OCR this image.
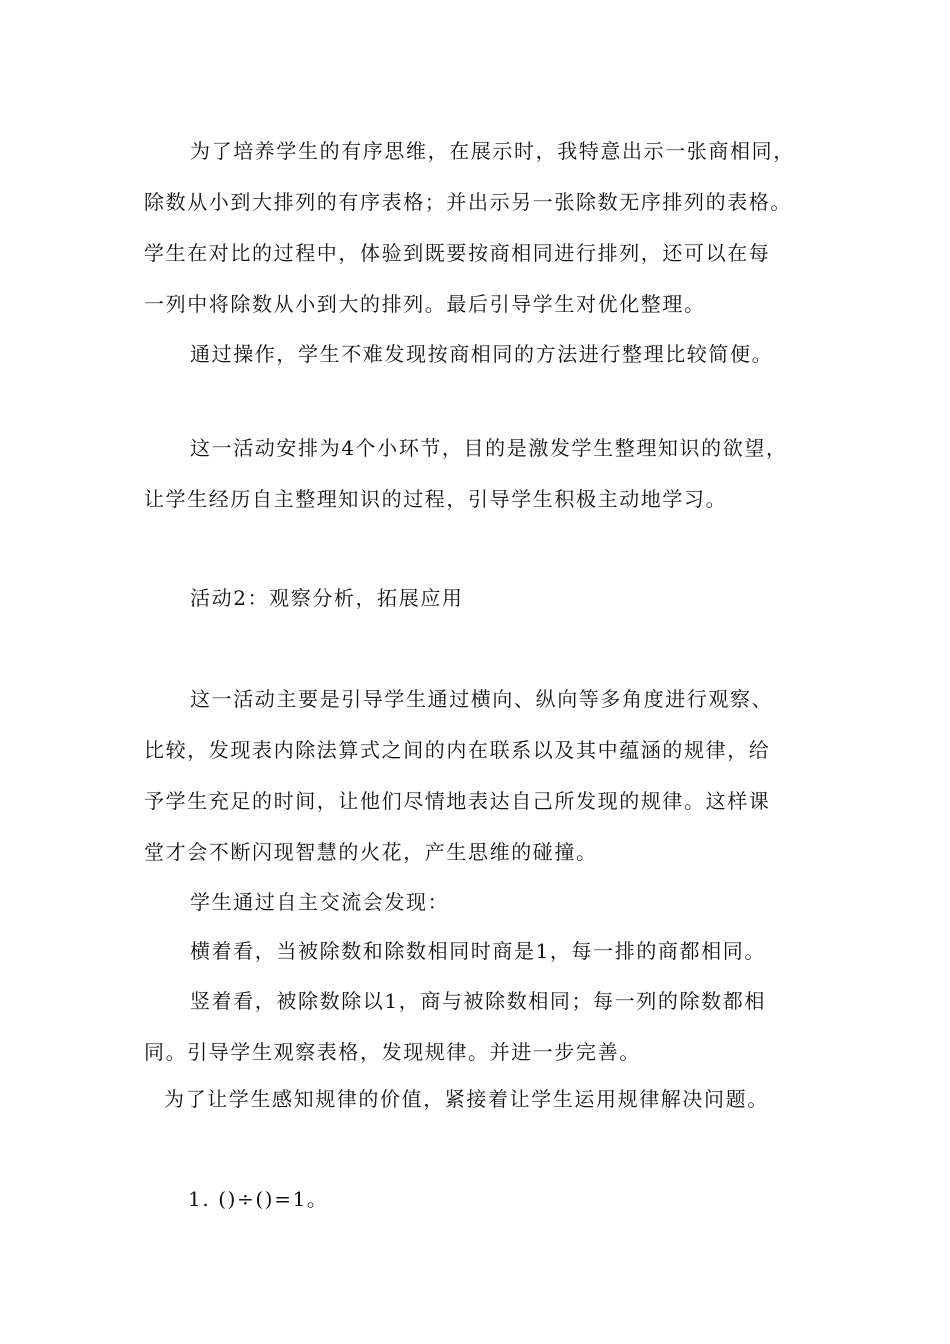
为了培养学生的有序思维，在展示时，我特意出示一张商相同，
除数从小到大排列的有序表格；并出示另一张除数无序排列的表格。
学生在对比的过程中，体验到既要按商相同进行排列，还可以在每
一列中将除数从小到大的排列。最后引导学生对优化整理。
通过操作，学生不难发现按商相同的方法进行整理比较简便。
这一活动安排为4个小环节，目的是激发学生整理知识的欲望，
让学生经历自主整理知识的过程，引导学生积极主动地学习。
活动2：观察分析，拓展应用
这一活动主要是引导学生通过横向、纵向等多角度进行观察、
比较，发现表内除法算式之间的内在联系以及其中蕴涵的规律，给
予学生充足的时间，让他们尽情地表达自己所发现的规律。这样课
堂才会不断闪现智慧的火花，产生思维的碰撞。
学生通过自主交流会发现：
横着看，当被除数和除数相同时商是1，每一排的商都相同。
竖着看，被除数除以1，商与被除数相同；每一列的除数都相
同。引导学生观察表格，发现规律。并进一步完善。
为了让学生感知规律的价值，紧接着让学生运用规律解决问题。
1. ()÷()=1。
